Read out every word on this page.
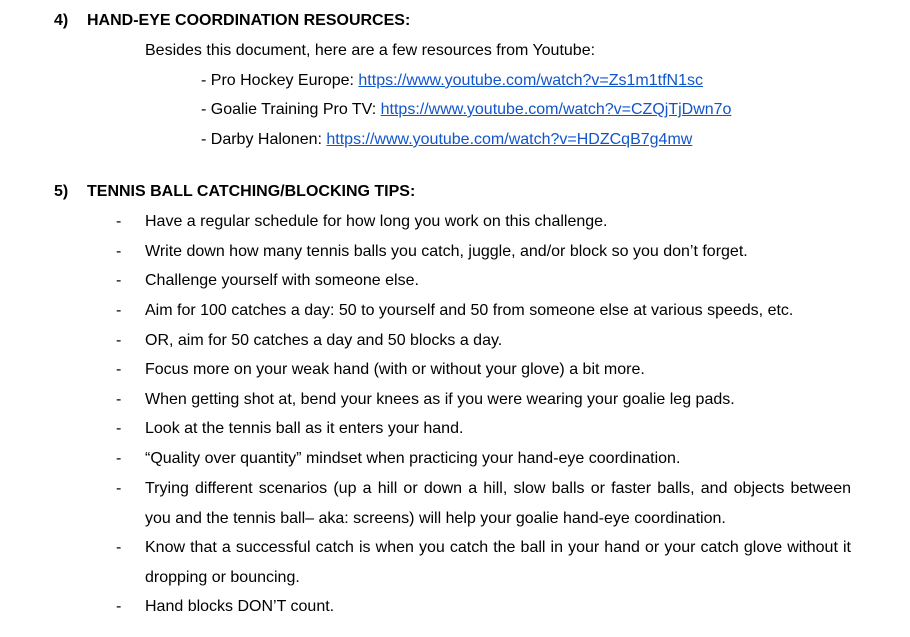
4) HAND-EYE COORDINATION RESOURCES:
Besides this document, here are a few resources from Youtube:
- Pro Hockey Europe: https://www.youtube.com/watch?v=Zs1m1tfN1sc
- Goalie Training Pro TV: https://www.youtube.com/watch?v=CZQjTjDwn7o
- Darby Halonen: https://www.youtube.com/watch?v=HDZCqB7g4mw
5) TENNIS BALL CATCHING/BLOCKING TIPS:
- Have a regular schedule for how long you work on this challenge.
- Write down how many tennis balls you catch, juggle, and/or block so you don’t forget.
- Challenge yourself with someone else.
- Aim for 100 catches a day: 50 to yourself and 50 from someone else at various speeds, etc.
- OR, aim for 50 catches a day and 50 blocks a day.
- Focus more on your weak hand (with or without your glove) a bit more.
- When getting shot at, bend your knees as if you were wearing your goalie leg pads.
- Look at the tennis ball as it enters your hand.
- “Quality over quantity” mindset when practicing your hand-eye coordination.
- Trying different scenarios (up a hill or down a hill, slow balls or faster balls, and objects between you and the tennis ball– aka: screens) will help your goalie hand-eye coordination.
- Know that a successful catch is when you catch the ball in your hand or your catch glove without it dropping or bouncing.
- Hand blocks DON’T count.
